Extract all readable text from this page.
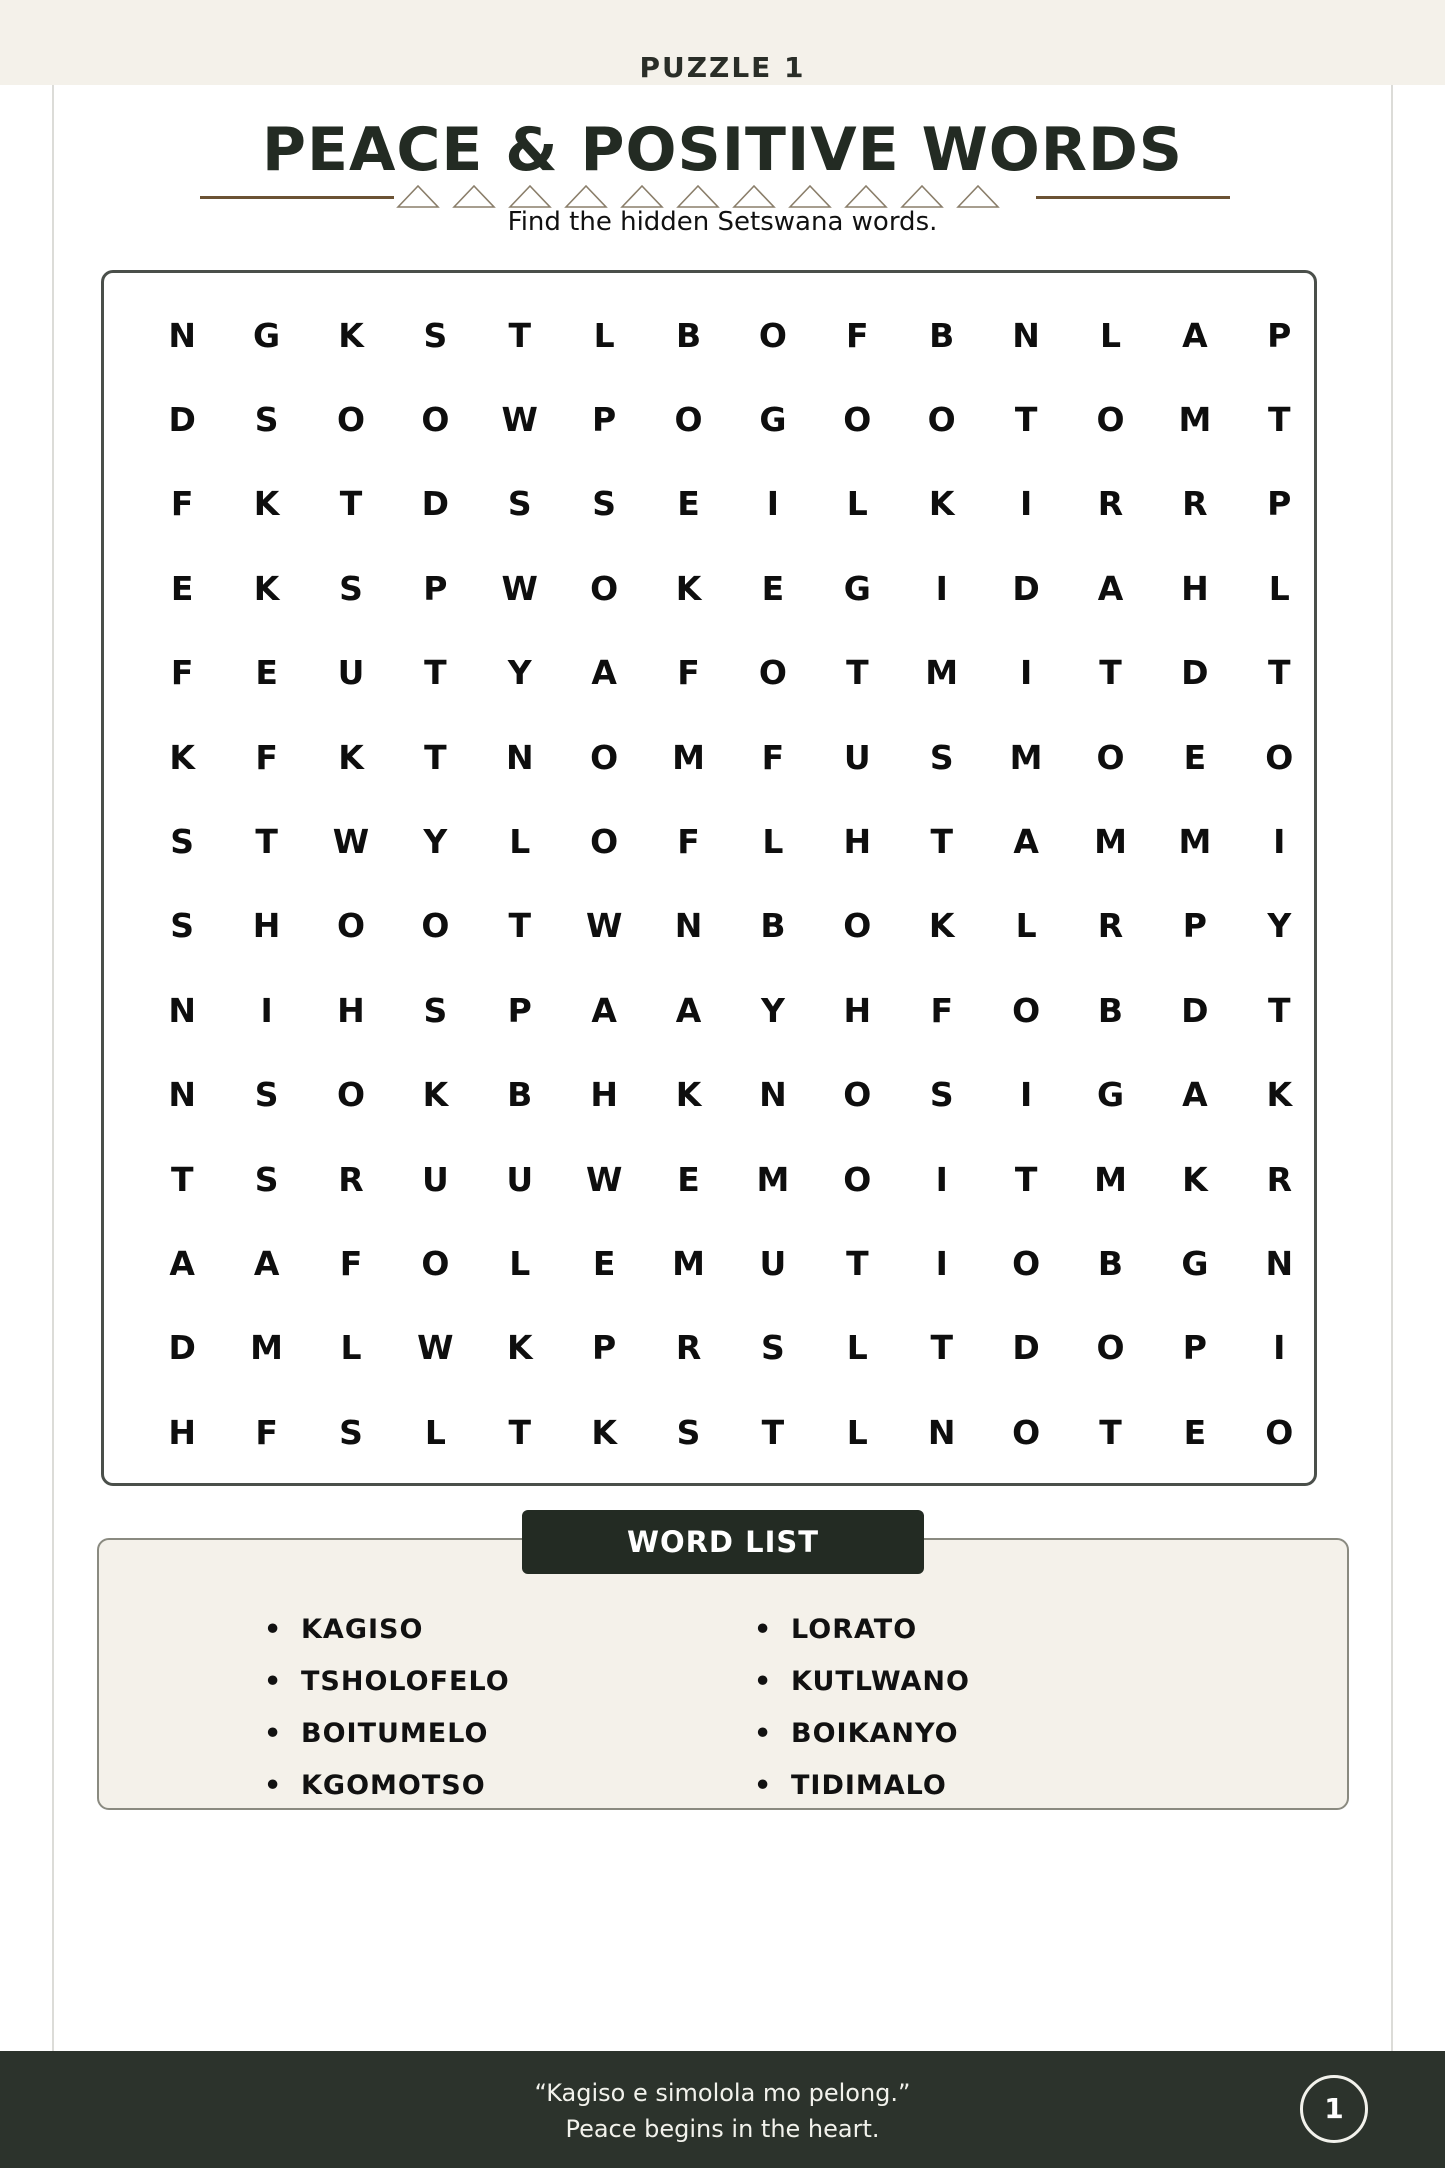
PUZZLE 1
PEACE & POSITIVE WORDS
Find the hidden Setswana words.
N	G	K	S	T	L	B	O	F	B	N	L	A	P
D	S	O	O	W	P	O	G	O	O	T	O	M	T
F	K	T	D	S	S	E	I	L	K	I	R	R	P
E	K	S	P	W	O	K	E	G	I	D	A	H	L
F	E	U	T	Y	A	F	O	T	M	I	T	D	T
K	F	K	T	N	O	M	F	U	S	M	O	E	O
S	T	W	Y	L	O	F	L	H	T	A	M	M	I
S	H	O	O	T	W	N	B	O	K	L	R	P	Y
N	I	H	S	P	A	A	Y	H	F	O	B	D	T
N	S	O	K	B	H	K	N	O	S	I	G	A	K
T	S	R	U	U	W	E	M	O	I	T	M	K	R
A	A	F	O	L	E	M	U	T	I	O	B	G	N
D	M	L	W	K	P	R	S	L	T	D	O	P	I
H	F	S	L	T	K	S	T	L	N	O	T	E	O
WORD LIST
• KAGISO
• TSHOLOFELO
• BOITUMELO
• KGOMOTSO
• LORATO
• KUTLWANO
• BOIKANYO
• TIDIMALO
“Kagiso e simolola mo pelong.”
Peace begins in the heart.
1
